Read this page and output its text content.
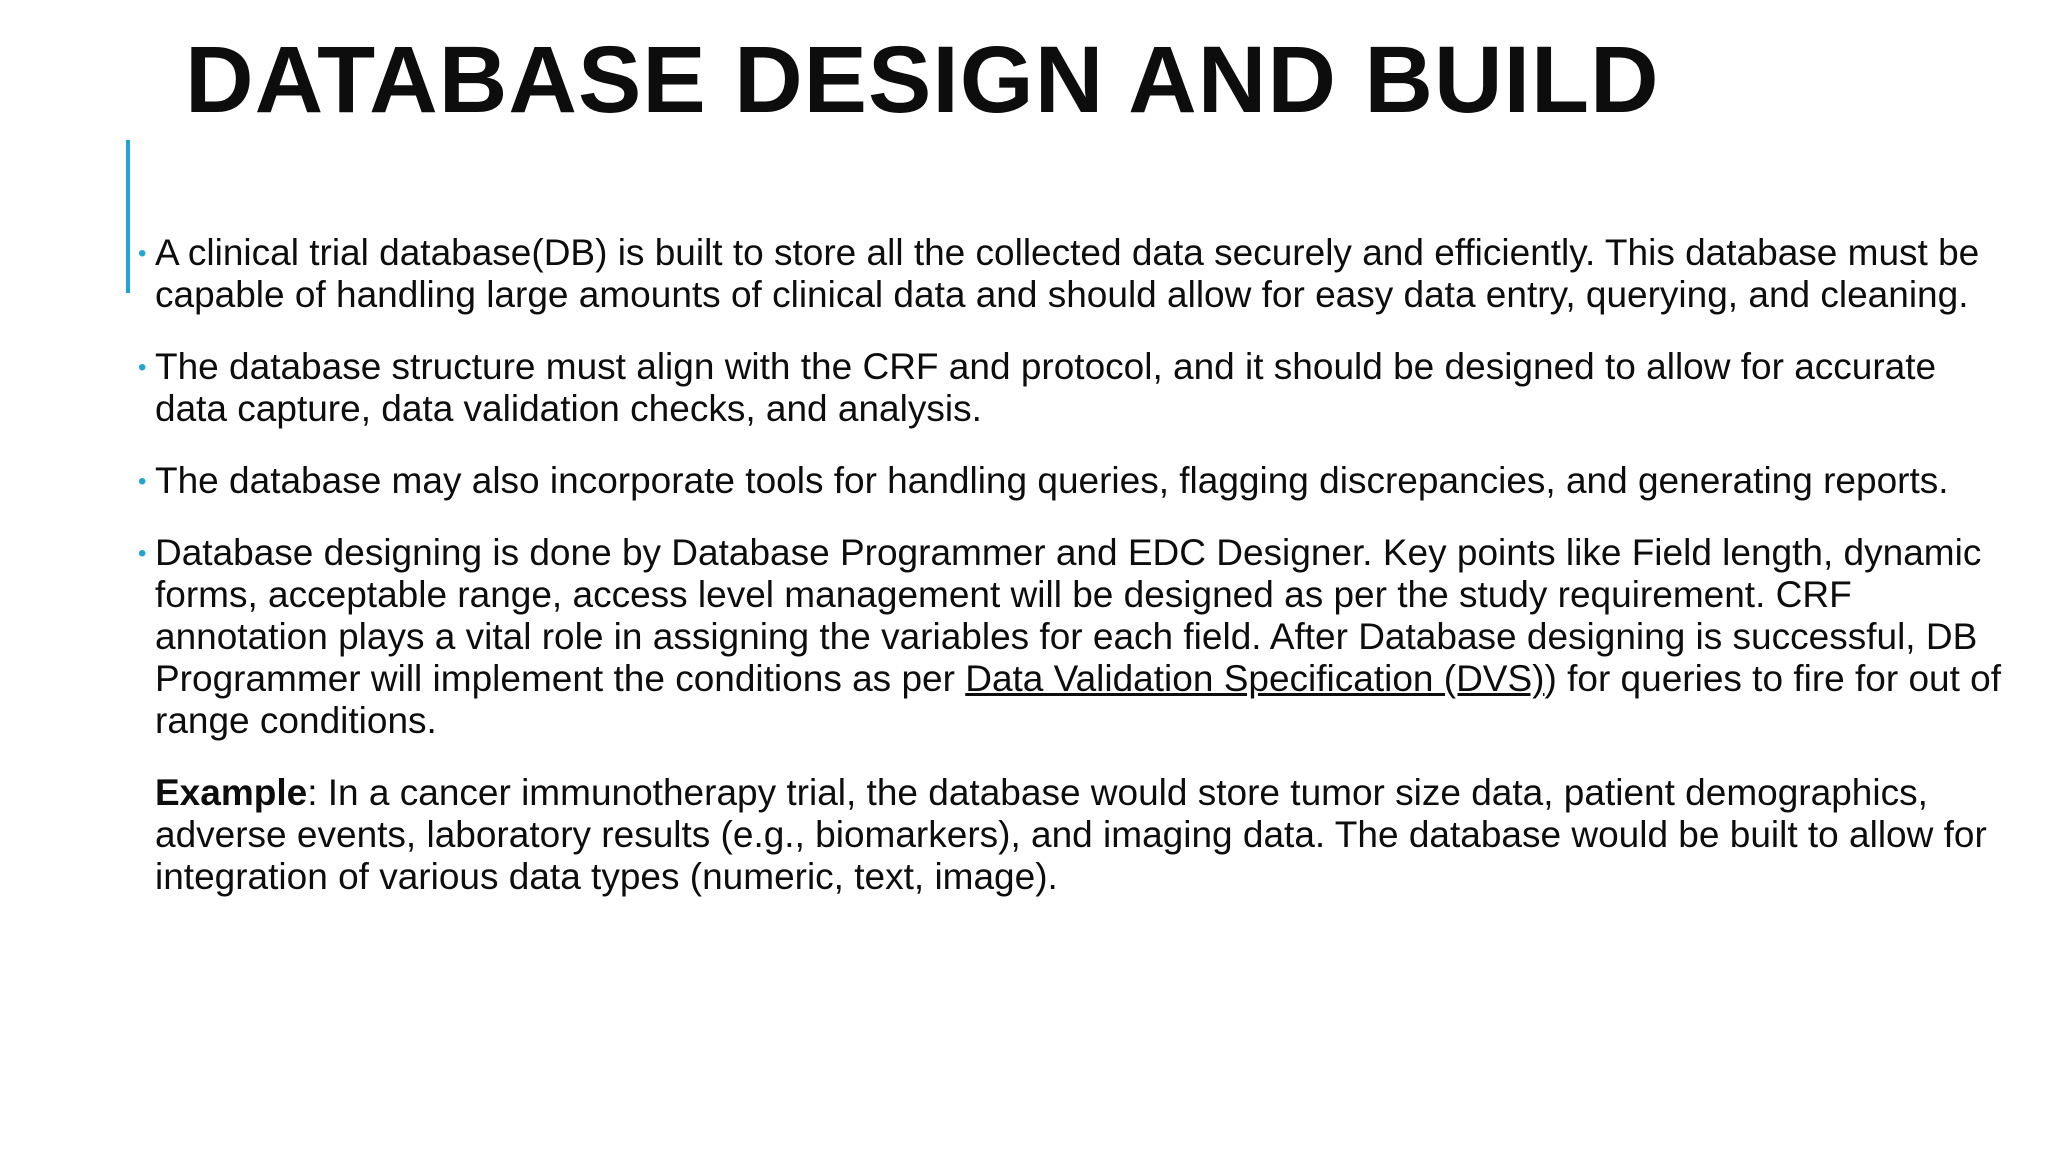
DATABASE DESIGN AND BUILD
• A clinical trial database(DB) is built to store all the collected data securely and efficiently. This database must be capable of handling large amounts of clinical data and should allow for easy data entry, querying, and cleaning.
• The database structure must align with the CRF and protocol, and it should be designed to allow for accurate data capture, data validation checks, and analysis.
• The database may also incorporate tools for handling queries, flagging discrepancies, and generating reports.
• Database designing is done by Database Programmer and EDC Designer. Key points like Field length, dynamic forms, acceptable range, access level management will be designed as per the study requirement. CRF annotation plays a vital role in assigning the variables for each field. After Database designing is successful, DB Programmer will implement the conditions as per Data Validation Specification (DVS)) for queries to fire for out of range conditions.
Example: In a cancer immunotherapy trial, the database would store tumor size data, patient demographics, adverse events, laboratory results (e.g., biomarkers), and imaging data. The database would be built to allow for integration of various data types (numeric, text, image).
